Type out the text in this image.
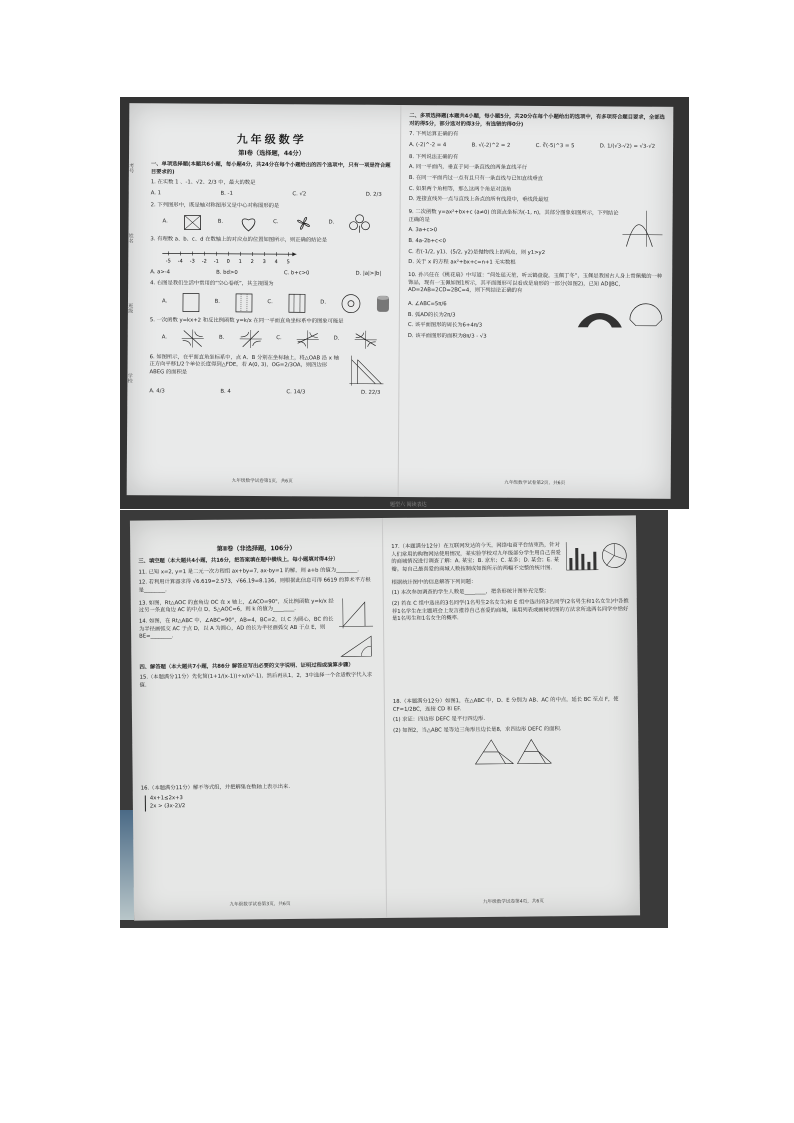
考号
姓名
班级
学校
九年级数学
第Ⅰ卷（选择题，44分）
一、单项选择题(本题共6小题，每小题4分，共24分在每个小题给出的四个选项中，只有一项是符合题目要求的)
1. 在实数 1 、-1、√2、2/3 中，最大的数是
A. 1	B. -1	C. √2	D. 2/3
2. 下列图形中，既是轴对称图形又是中心对称图形的是
A.	B.	C.	D.
3. 有理数 a、b、c、d 在数轴上的对应点的位置如图所示，则正确的结论是
-5 -4 -3 -2 -1 0 1 2 3 4 5
A. a>-4	B. bd>0	C. b+c>0	D. |a|>|b|
4. 右图是我们生活中常用的“空心卷纸”，其主视图为
A.	B.	C.	D.
5. 一次函数 y=kx+2 和反比例函数 y=k/x 在同一平面直角坐标系中的图象可能是
A.	B.	C.	D.
6. 如图所示，在平面直角坐标系中，点 A、B 分别在坐标轴上，将△OAB 沿 x 轴正方向平移1/2个单位长度得到△FDE，若 A(0, 3)，OG=2/3OA，则四边形 ABEG 的面积是
A. 4/3	B. 4	C. 14/3	D. 22/3
九年级数学试卷第1页，共6页
二、多项选择题(本题共4小题，每小题5分，共20分在每个小题给出的选项中，有多项符合题目要求，全部选对的得5分，部分选对的得3分，有选错的得0分)
7. 下列运算正确的有
A. (-2)^-2 = 4	B. √(-2)^2 = 2	C. ∛(-5)^3 = 5	D. 1/(√3-√2) = √3-√2
8. 下列说法正确的有
A. 同一平面内，垂直于同一条直线的两条直线平行
B. 在同一平面内过一点有且只有一条直线与已知直线垂直
C. 如果两个角相等，那么这两个角是对顶角
D. 连接直线外一点与直线上各点的所有线段中，垂线段最短
9. 二次函数 y=ax²+bx+c (a≠0) 的顶点坐标为(-1, n)，其部分图象如图所示，下列结论正确的是
A. 3a+c>0
B. 4a-2b+c<0
C. 若(-1/2, y1)、(5/2, y2)是抛物线上的两点，则 y1>y2
D. 关于 x 的方程 ax²+bx+c=n+1 无实数根
10. 孙兴任在《桃花扇》中写道：“何处瑶天笙，听云鹤盘旋，玉佩丁冬”，玉佩是我国古人身上常佩戴的一种饰品，现有一玉佩如图1所示，其平面图形可以看成是扇形的一部分(如图2)，已知 AD∥BC，AD=2AB=2CD=2BC=4，则下列结论正确的有
A. ∠ABC=5π/6
B. 弧AD的长为2π/3
C. 该平面图形的周长为6+4π/3
D. 该平面图形的面积为8π/3 - √3
九年级数学试卷第2页，共6页
题型六 阅读表达
第Ⅱ卷（非选择题，106分）
三、填空题（本大题共4小题，共16分，把答案填在题中横线上，每小题填对得4分）
11. 已知 x=2, y=1 是二元一次方程组 ax+by=7, ax-by=1 的解，则 a+b 的值为________.
12. 若利用计算器求得 √6.619=2.573，√66.19=8.136，则根据此信息可得 6619 的算术平方根是________.
13. 如图，Rt△AOC 的直角边 OC 在 x 轴上，∠ACO=90°，反比例函数 y=k/x 经过另一条直角边 AC 的中点 D，S△AOC=6，则 k 的值为________.
14. 如图，在 Rt△ABC 中，∠ABC=90°，AB=4，BC=2，以 C 为圆心，BC 的长为半径画弧交 AC 于点 D，以 A 为圆心，AD 的长为半径画弧交 AB 于点 E，则 BE=________.
四、解答题（本大题共7小题，共86分 解答应写出必要的文字说明、证明过程或演算步骤）
15.（本题满分11分）先化简(1+1/(x-1))÷x/(x²-1)，然后再从1，2，3中选择一个合适数字代入求值.
16.（本题满分11分）解不等式组，并把解集在数轴上表示出来.
4x+1≤2x+3
2x > (3x-2)/2
九年级数学试卷第3页，共6页
17.（本题满分12分）在互联网发达的今天，网络电商平台结束热，针对人们常用的购物网站使用情况，某实验学校对九年级部分学生用自己喜爱的商城情况进行调查了解：A. 某宝；B. 京东；C. 某多；D. 某会；E. 某瓣。每自己最喜爱的商城人数按制成如图所示的两幅不完整的统计图.
根据统计图中的信息解答下列问题：
(1) 本次参加调查的学生人数是________，把条形统计图补充完整；
(2) 若在 C 组中选出的3名同学(1名男生2名女生)和 E 组中选出的3名同学(2名男生和1名女生)中各推荐1名学生在主题班会上发言推荐自己喜爱的商城，请用列表或画树状图的方法求所选两名同学中恰好是1名男生和1名女生的概率.
18.（本题满分12分）如图1，在△ABC 中，D、E 分别为 AB、AC 的中点，延长 BC 至点 F，使 CF=1/2BC，连接 CD 和 EF.
(1) 求证：四边形 DEFC 是平行四边形.
(2) 如图2，当△ABC 是等边三角形且边长是8，求四边形 DEFC 的面积.
九年级数学试卷第4页，共6页
